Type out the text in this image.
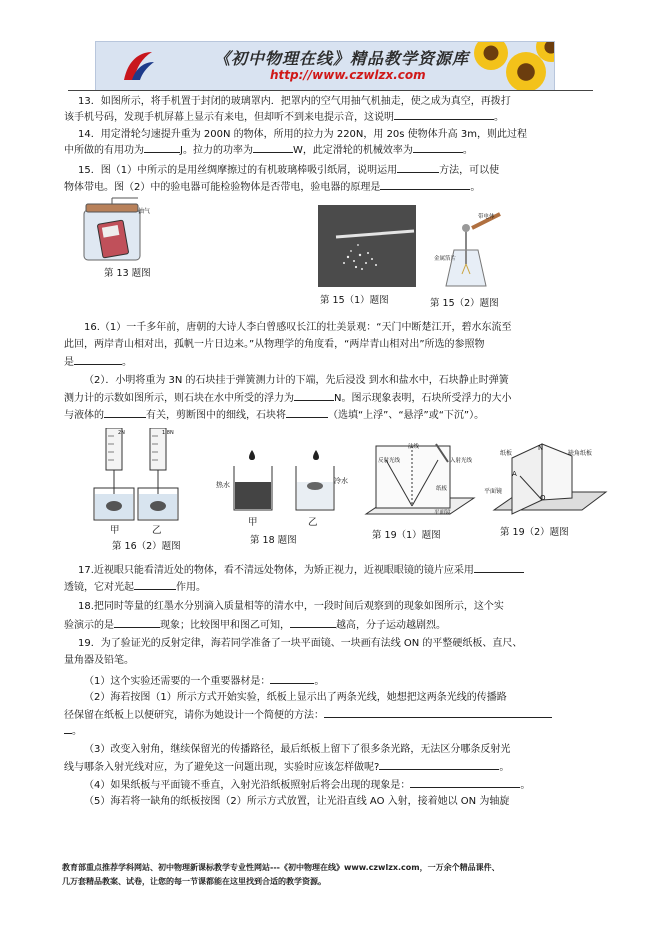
《初中物理在线》精品教学资源库
http://www.czwlzx.com
13．如图所示，将手机置于封闭的玻璃罩内．把罩内的空气用抽气机抽走，使之成为真空，再拨打
该手机号码，发现手机屏幕上显示有来电，但却听不到来电提示音，这说明	。
14．用定滑轮匀速提升重为 200N 的物体，所用的拉力为 220N，用 20s 使物体升高 3m，则此过程
中所做的有用功为	J。拉力的功率为	W，此定滑轮的机械效率为	。
15．图（1）中所示的是用丝绸摩擦过的有机玻璃棒吸引纸屑，说明运用	方法，可以使
物体带电。图（2）中的验电器可能检验物体是否带电，验电器的原理是	。
抽气
第 13 题图
第 15（1）题图
带电体
金属箔片
第 15（2）题图
16.（1）一千多年前，唐朝的大诗人李白曾感叹长江的壮美景观：“天门中断楚江开，碧水东流至
此回，两岸青山相对出，孤帆一片日边来。”从物理学的角度看，“两岸青山相对出”所选的参照物
是	。
（2）．小明将重为 3N 的石块挂于弹簧测力计的下端，先后浸没 到水和盐水中，石块静止时弹簧
测力计的示数如图所示，则石块在水中所受的浮力为	N。图示现象表明，石块所受浮力的大小
与液体的	有关，剪断图中的细线，石块将	（选填“上浮”、“悬浮”或“下沉”）。
2N	1.8N
甲	乙
第 16（2）题图
热水	冷水
甲	乙
第 18 题图
法线
入射光线
反射光线
纸板
平面镜
第 19（1）题图
纸板	缺角纸板
平面镜
A
N
O
第 19（2）题图
17.近视眼只能看清近处的物体，看不清远处物体，为矫正视力，近视眼眼镜的镜片应采用
透镜，它对光起	作用。
18.把同时等量的红墨水分别滴入质量相等的清水中，一段时间后观察到的现象如图所示，这个实
验演示的是	现象；比较图甲和图乙可知，	越高，分子运动越剧烈。
19．为了验证光的反射定律，海若同学准备了一块平面镜、一块画有法线 ON 的平整硬纸板、直尺、
量角器及铅笔。
（1）这个实验还需要的一个重要器材是：	。
（2）海若按图（1）所示方式开始实验，纸板上显示出了两条光线，她想把这两条光线的传播路
径保留在纸板上以便研究，请你为她设计一个简便的方法：
。
（3）改变入射角，继续保留光的传播路径，最后纸板上留下了很多条光路，无法区分哪条反射光
线与哪条入射光线对应，为了避免这一问题出现，实验时应该怎样做呢?	。
（4）如果纸板与平面镜不垂直，入射光沿纸板照射后将会出现的现象是：	。
（5）海若将一缺角的纸板按图（2）所示方式放置，让光沿直线 AO 入射，接着她以 ON 为轴旋
教育部重点推荐学科网站、初中物理新课标教学专业性网站---《初中物理在线》www.czwlzx.com，一万余个精品课件、
几万套精品教案、试卷，让您的每一节课都能在这里找到合适的教学资源。
